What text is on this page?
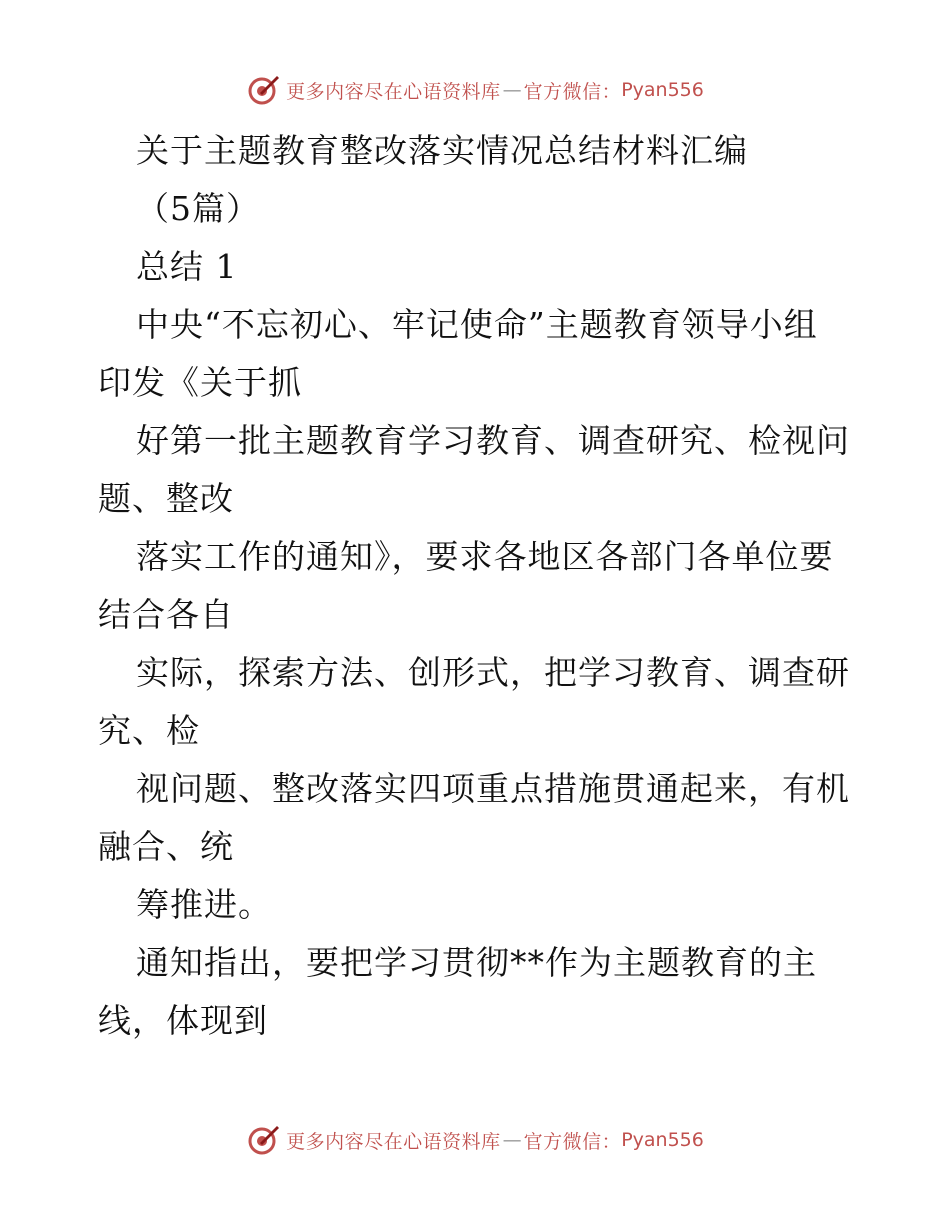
更多内容尽在心语资料库 — 官方微信： Pyan556
关于主题教育整改落实情况总结材料汇编
（5篇）
总结 1
中央“不忘初心、牢记使命”主题教育领导小组
印发《关于抓
好第一批主题教育学习教育、调查研究、检视问
题、整改
落实工作的通知》，要求各地区各部门各单位要
结合各自
实际，探索方法、创形式，把学习教育、调查研
究、检
视问题、整改落实四项重点措施贯通起来，有机
融合、统
筹推进。
通知指出，要把学习贯彻**作为主题教育的主
线，体现到
更多内容尽在心语资料库 — 官方微信： Pyan556
